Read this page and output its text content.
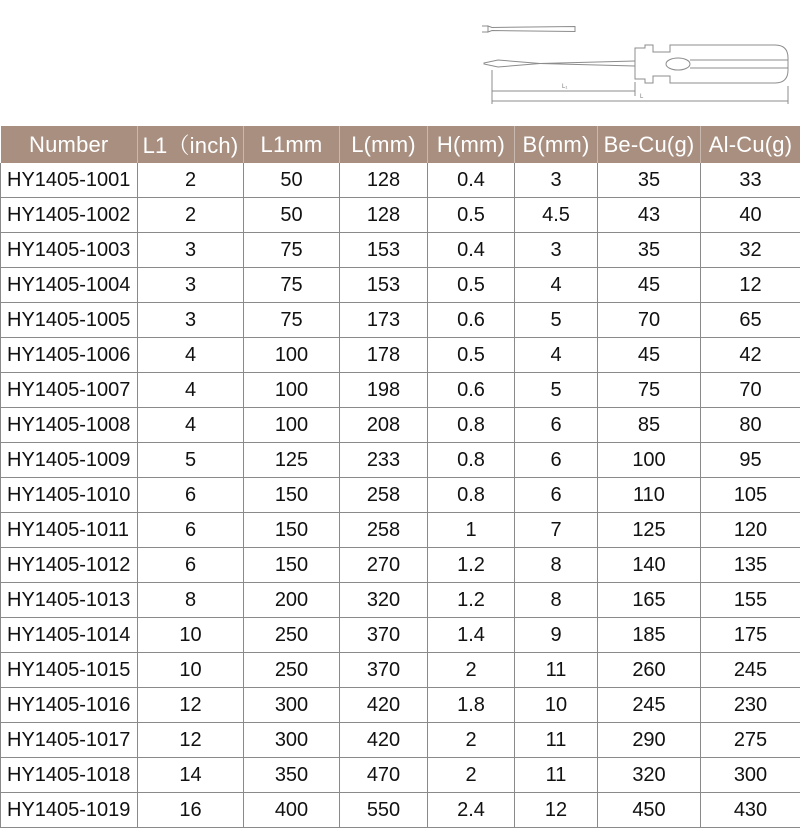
L₁
L
Number	L1（inch)	L1mm	L(mm)	H(mm)	B(mm)	Be-Cu(g)	Al-Cu(g)
HY1405-1001	2	50	128	0.4	3	35	33
HY1405-1002	2	50	128	0.5	4.5	43	40
HY1405-1003	3	75	153	0.4	3	35	32
HY1405-1004	3	75	153	0.5	4	45	12
HY1405-1005	3	75	173	0.6	5	70	65
HY1405-1006	4	100	178	0.5	4	45	42
HY1405-1007	4	100	198	0.6	5	75	70
HY1405-1008	4	100	208	0.8	6	85	80
HY1405-1009	5	125	233	0.8	6	100	95
HY1405-1010	6	150	258	0.8	6	110	105
HY1405-1011	6	150	258	1	7	125	120
HY1405-1012	6	150	270	1.2	8	140	135
HY1405-1013	8	200	320	1.2	8	165	155
HY1405-1014	10	250	370	1.4	9	185	175
HY1405-1015	10	250	370	2	11	260	245
HY1405-1016	12	300	420	1.8	10	245	230
HY1405-1017	12	300	420	2	11	290	275
HY1405-1018	14	350	470	2	11	320	300
HY1405-1019	16	400	550	2.4	12	450	430
